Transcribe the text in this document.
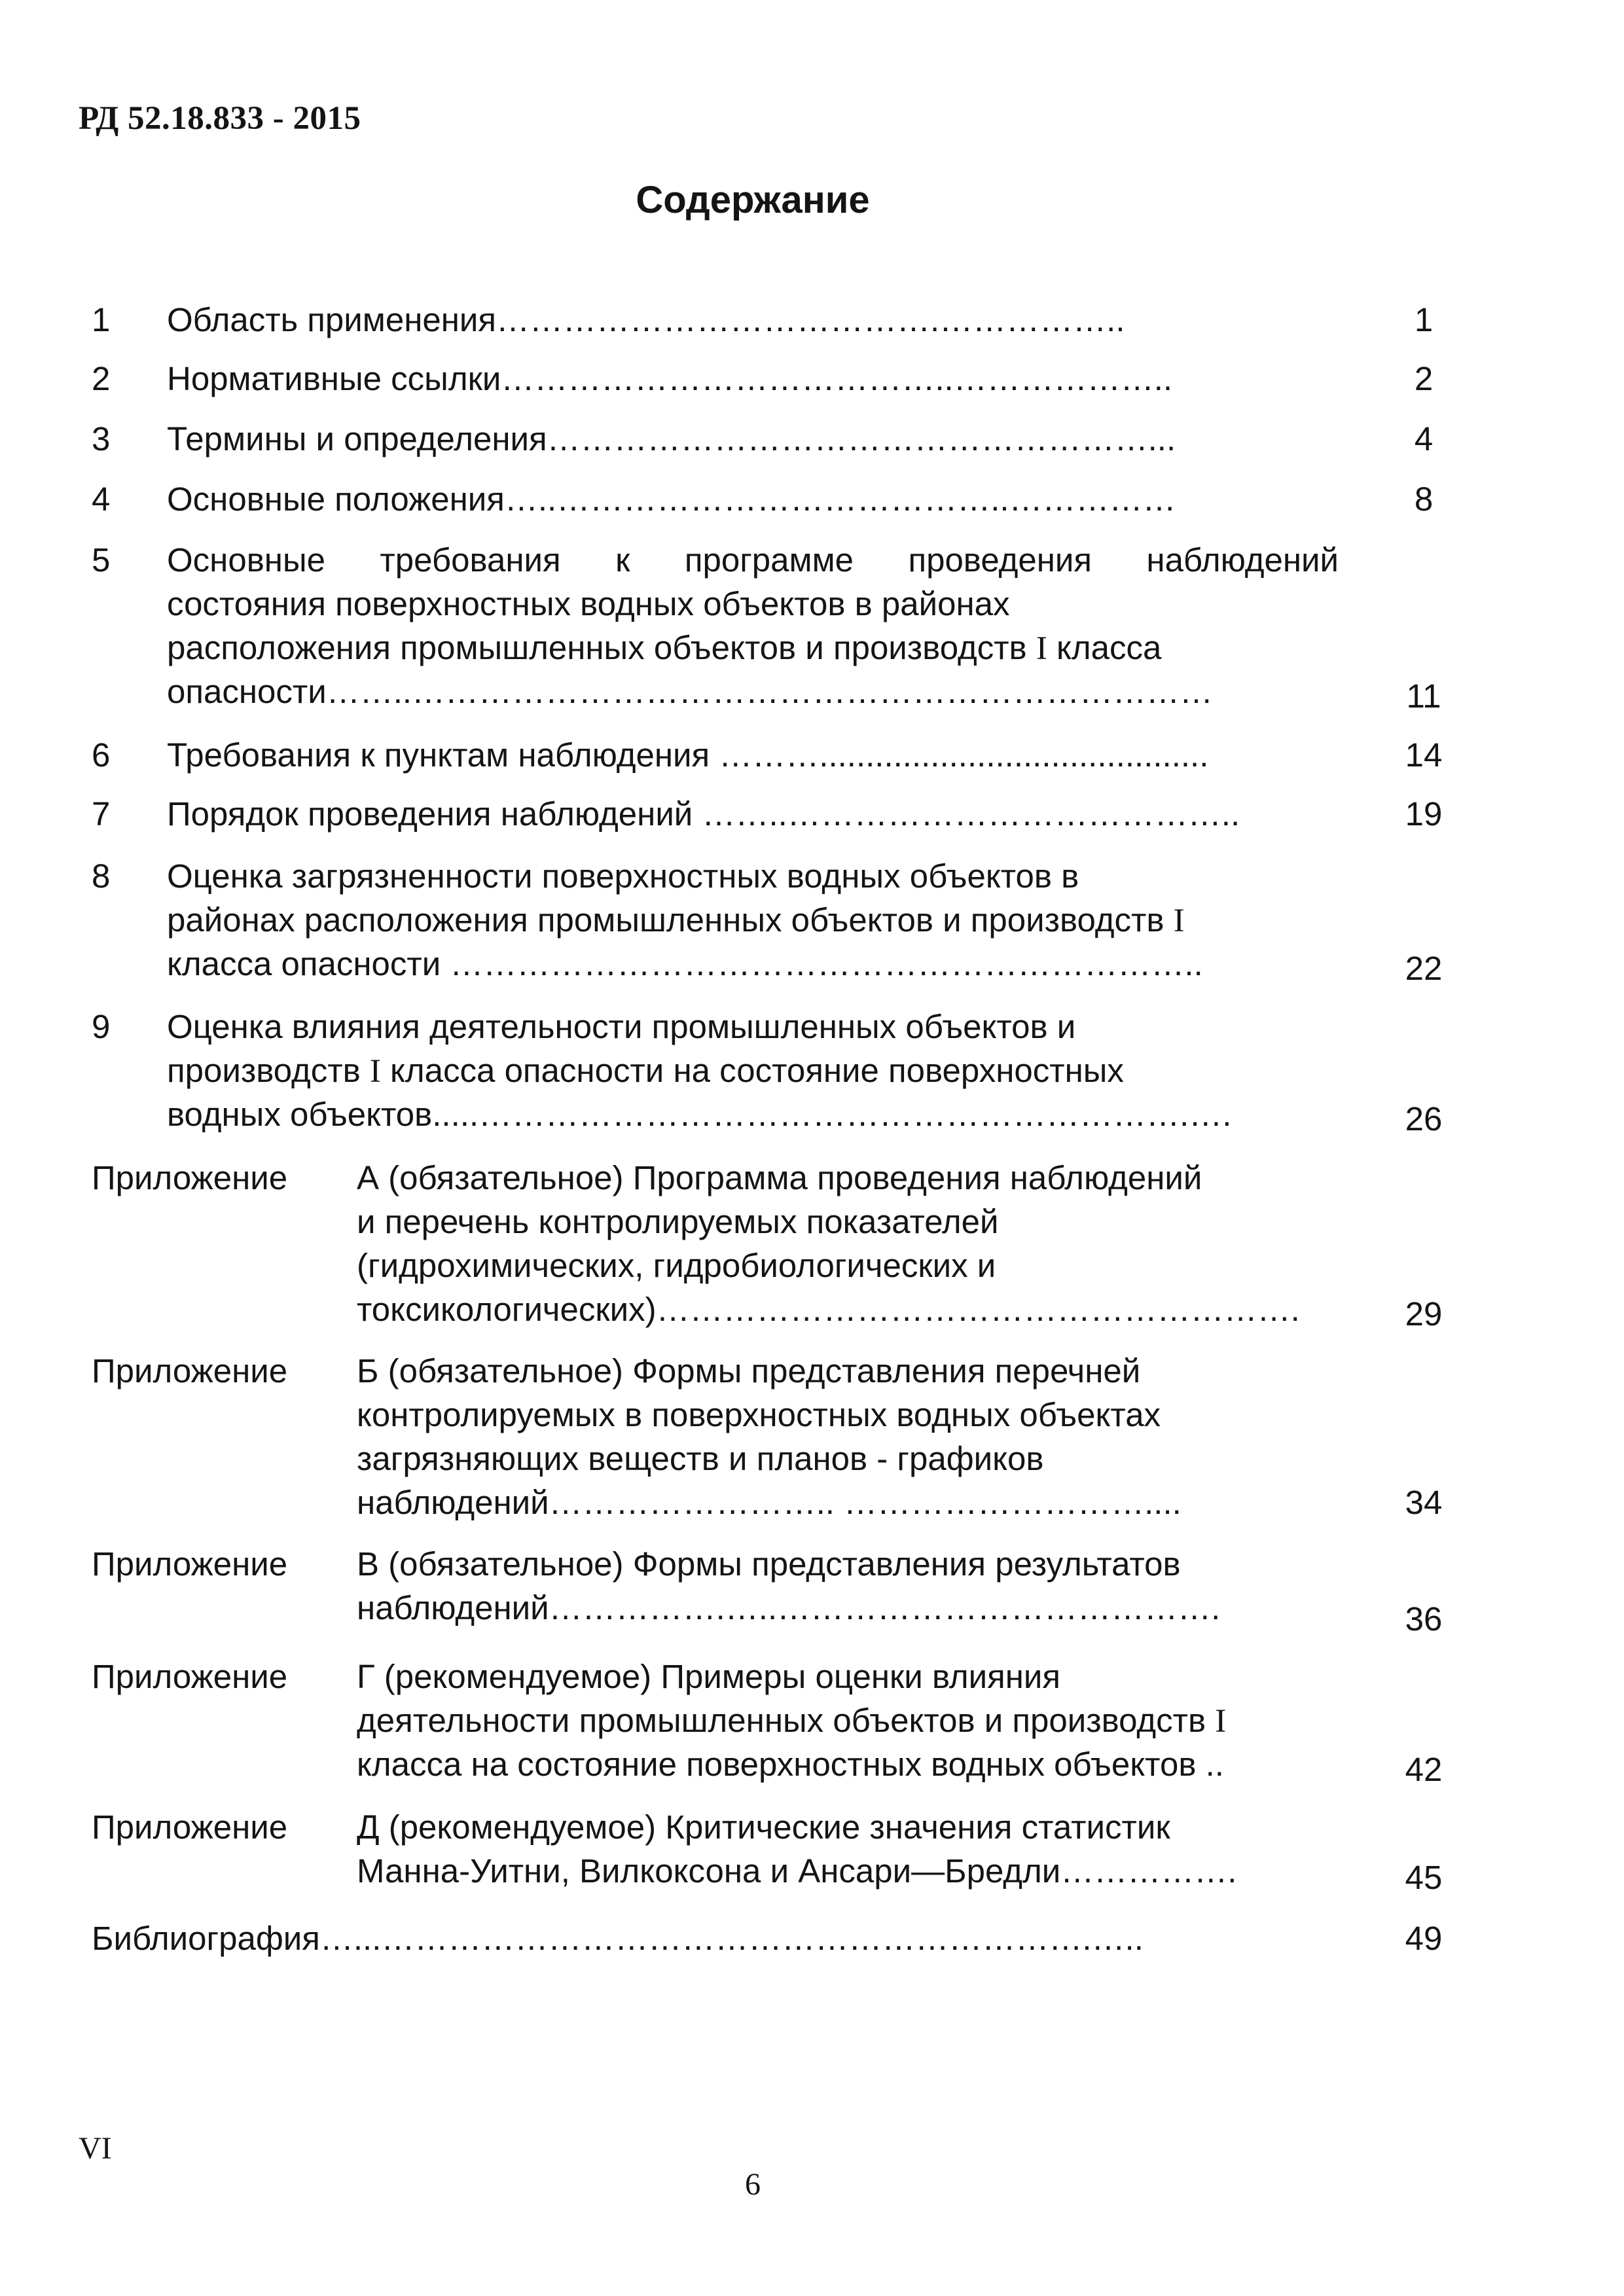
РД 52.18.833 - 2015
Содержание
1 Область применения………………………………….……………..	1
2 Нормативные ссылки…………………………………..………………..	2
3 Термины и определения………………………………………………...	4
4 Основные положения…..…………………………………..……………	8
5 Основные требования к программе проведения наблюдений
состояния поверхностных водных объектов в районах
расположения промышленных объектов и производств I класса
опасности……..………………………………………………………………	11
6 Требования к пунктам наблюдения ………..........................................	14
7 Порядок проведения наблюдений ……..…………………………………..	19
8 Оценка загрязненности поверхностных водных объектов в
районах расположения промышленных объектов и производств I
класса опасности …………………………………………………………..	22
9 Оценка влияния деятельности промышленных объектов и
производств I класса опасности на состояние поверхностных
водных объектов.....……………………………………………………….….	26
Приложение А (обязательное) Программа проведения наблюдений
и перечень контролируемых показателей
(гидрохимических, гидробиологических и
токсикологических)………………………………………………….	29
Приложение Б (обязательное) Формы представления перечней
контролируемых в поверхностных водных объектах
загрязняющих веществ и планов - графиков
наблюдений…………………….. ………………………....	34
Приложение В (обязательное) Формы представления результатов
наблюдений…………….…..………………………………….	36
Приложение Г (рекомендуемое) Примеры оценки влияния
деятельности промышленных объектов и производств I
класса на состояние поверхностных водных объектов ..	42
Приложение Д (рекомендуемое) Критические значения статистик
Манна-Уитни, Вилкоксона и Ансари—Бредли…………….	45
Библиография…...……………………………………………………….…..	49
VI
6
